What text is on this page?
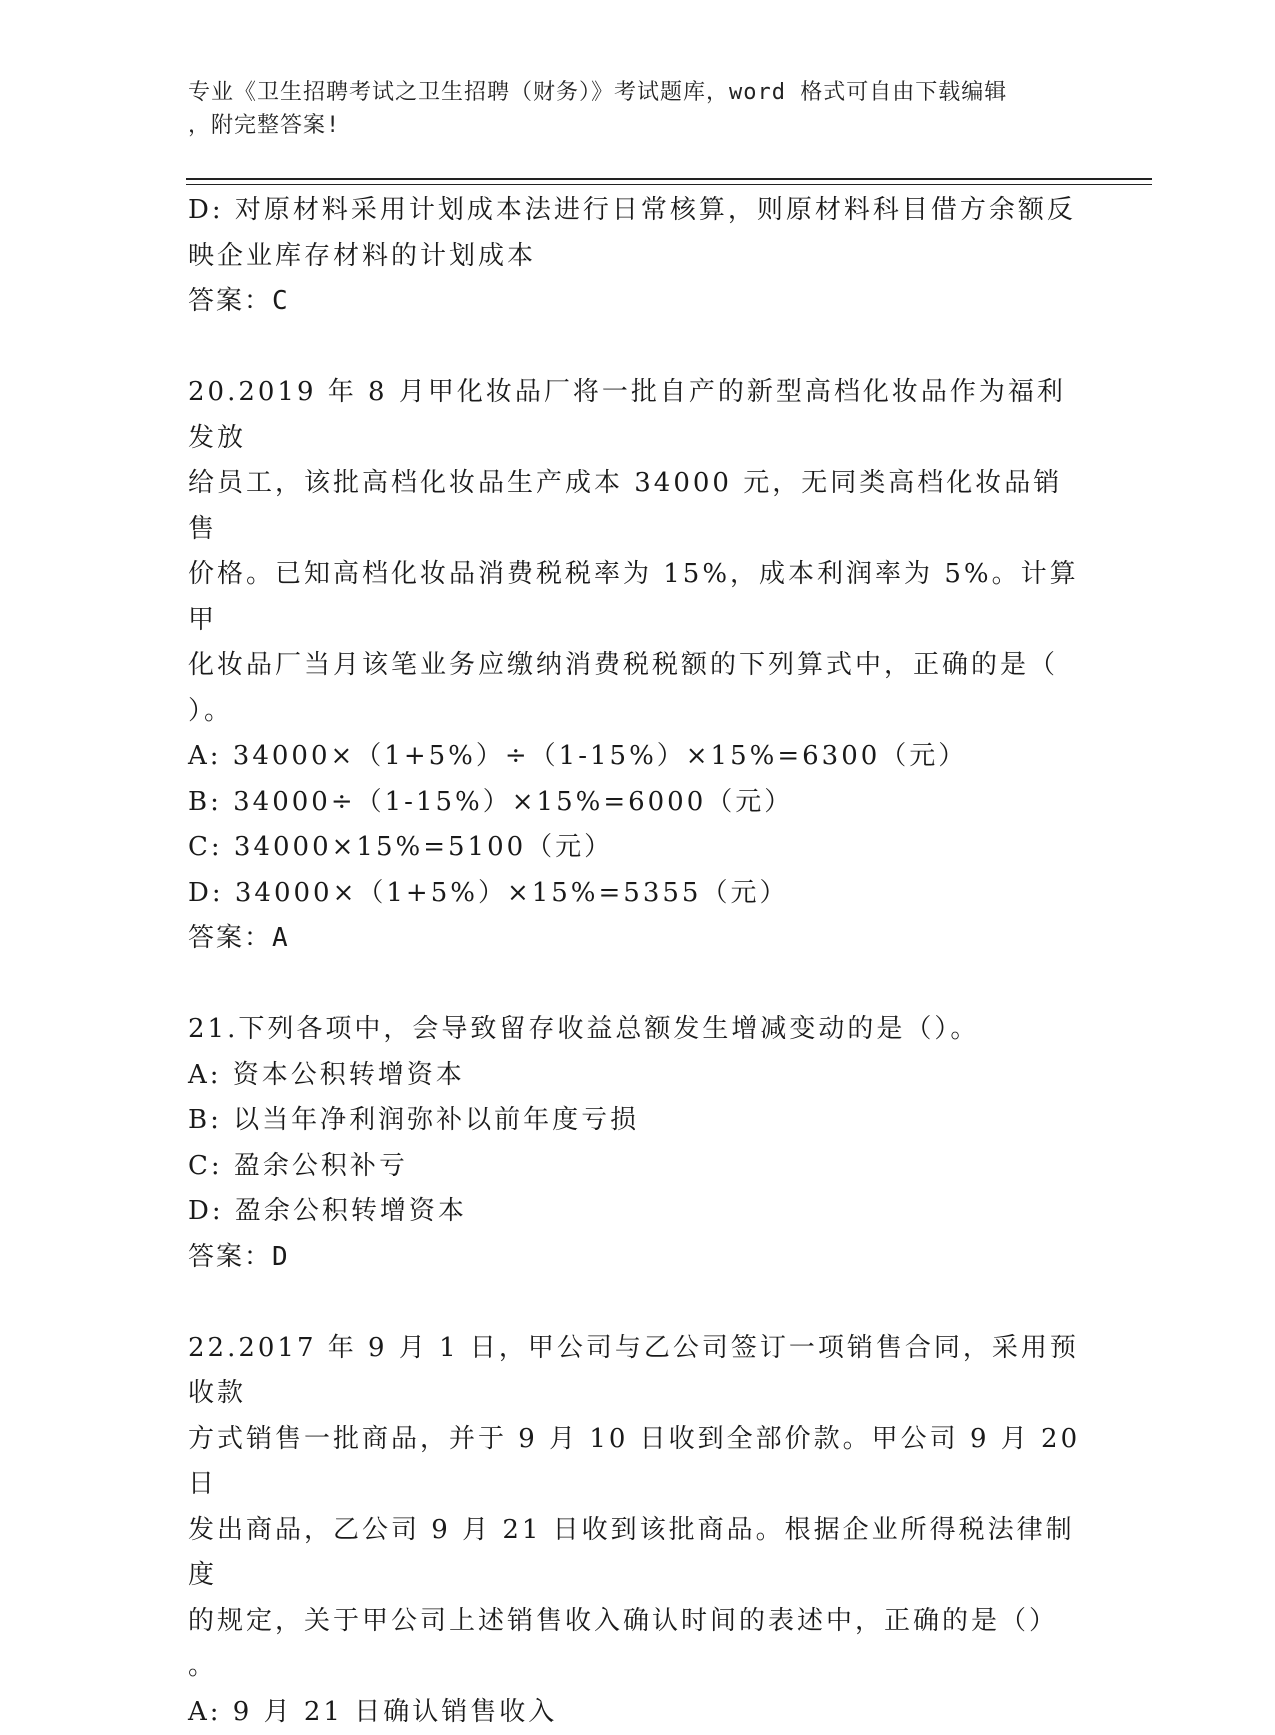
专业《卫生招聘考试之卫生招聘（财务）》考试题库，word 格式可自由下载编辑
，附完整答案!

D: 对原材料采用计划成本法进行日常核算，则原材料科目借方余额反

映企业库存材料的计划成本

答案：C

20.2019 年 8 月甲化妆品厂将一批自产的新型高档化妆品作为福利发放

给员工，该批高档化妆品生产成本 34000 元，无同类高档化妆品销售

价格。已知高档化妆品消费税税率为 15%，成本利润率为 5%。计算甲

化妆品厂当月该笔业务应缴纳消费税税额的下列算式中，正确的是（

）。

A: 34000×（1+5%）÷（1-15%）×15%=6300（元）

B: 34000÷（1-15%）×15%=6000（元）

C: 34000×15%=5100（元）

D: 34000×（1+5%）×15%=5355（元）

答案：A

21.下列各项中，会导致留存收益总额发生增减变动的是（）。

A: 资本公积转增资本

B: 以当年净利润弥补以前年度亏损

C: 盈余公积补亏

D: 盈余公积转增资本

答案：D

22.2017 年 9 月 1 日，甲公司与乙公司签订一项销售合同，采用预收款

方式销售一批商品，并于 9 月 10 日收到全部价款。甲公司 9 月 20 日

发出商品，乙公司 9 月 21 日收到该批商品。根据企业所得税法律制度

的规定，关于甲公司上述销售收入确认时间的表述中，正确的是（）

。

A: 9 月 21 日确认销售收入
